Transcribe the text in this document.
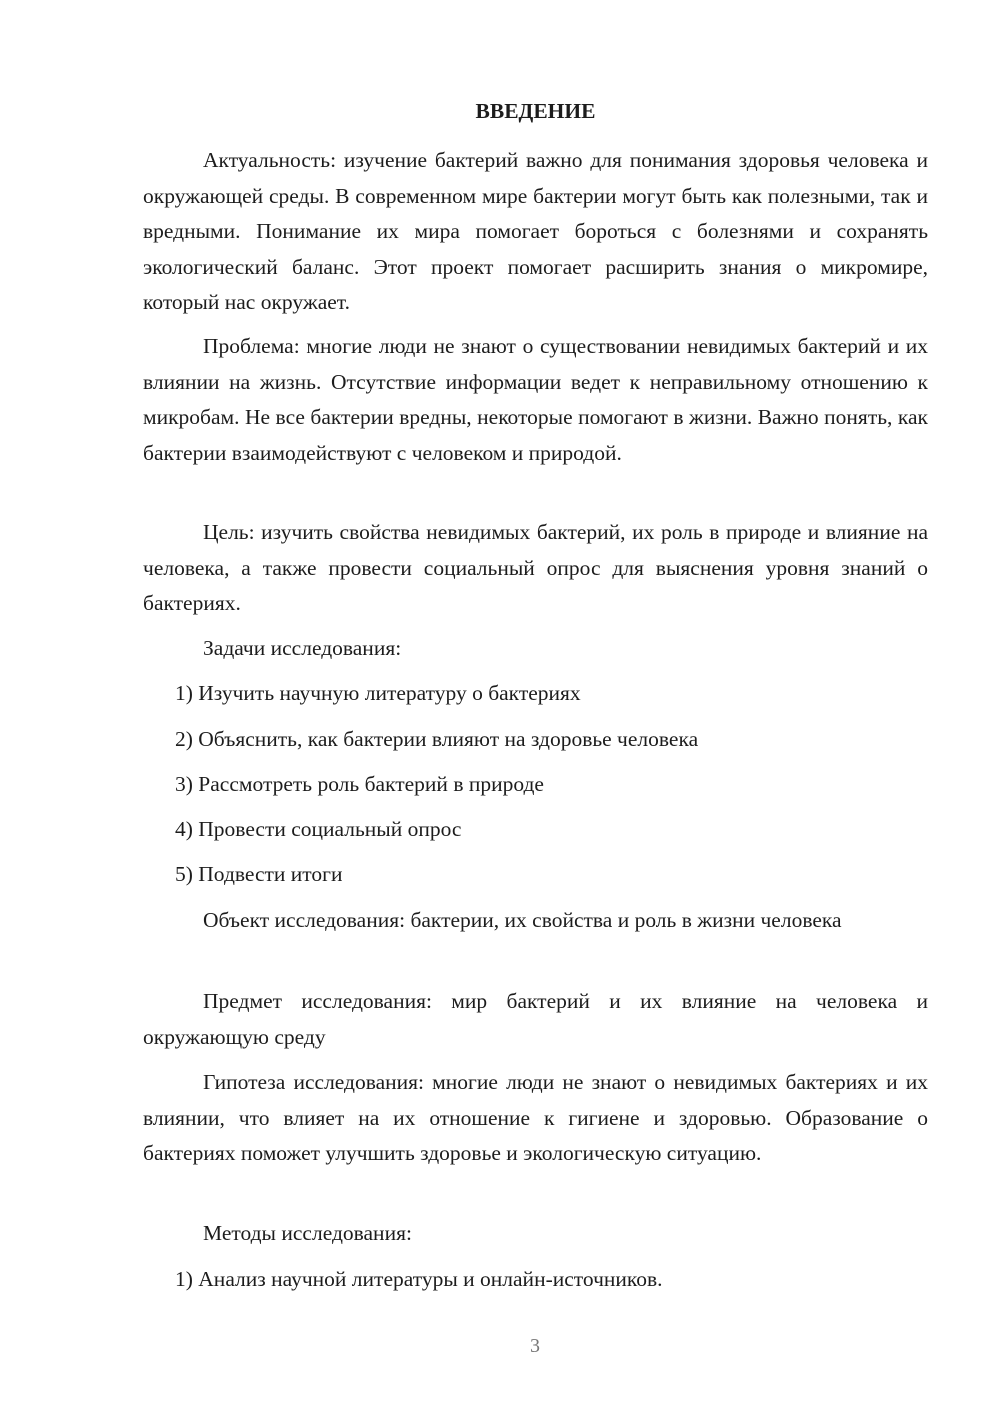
ВВЕДЕНИЕ
Актуальность: изучение бактерий важно для понимания здоровья человека и окружающей среды. В современном мире бактерии могут быть как полезными, так и вредными. Понимание их мира помогает бороться с болезнями и сохранять экологический баланс. Этот проект помогает расширить знания о микромире, который нас окружает.
Проблема: многие люди не знают о существовании невидимых бактерий и их влиянии на жизнь. Отсутствие информации ведет к неправильному отношению к микробам. Не все бактерии вредны, некоторые помогают в жизни. Важно понять, как бактерии взаимодействуют с человеком и природой.
Цель: изучить свойства невидимых бактерий, их роль в природе и влияние на человека, а также провести социальный опрос для выяснения уровня знаний о бактериях.
Задачи исследования:
1) Изучить научную литературу о бактериях
2) Объяснить, как бактерии влияют на здоровье человека
3) Рассмотреть роль бактерий в природе
4) Провести социальный опрос
5) Подвести итоги
Объект исследования: бактерии, их свойства и роль в жизни человека
Предмет исследования: мир бактерий и их влияние на человека и окружающую среду
Гипотеза исследования: многие люди не знают о невидимых бактериях и их влиянии, что влияет на их отношение к гигиене и здоровью. Образование о бактериях поможет улучшить здоровье и экологическую ситуацию.
Методы исследования:
1) Анализ научной литературы и онлайн-источников.
3
